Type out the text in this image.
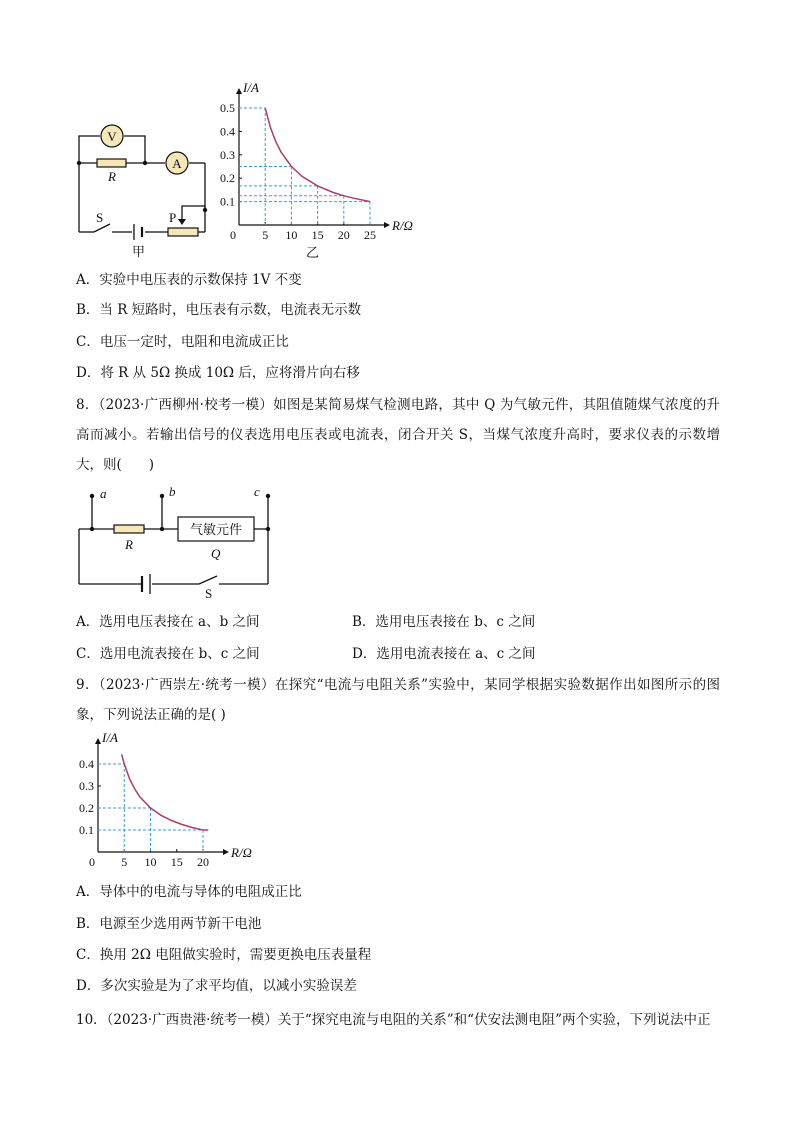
V
A
R
S	P
甲
0 5 10 15 20 25
0.1
0.2
0.3
0.4
0.5
I/A
R/Ω
乙
A．实验中电压表的示数保持 1V 不变
B．当 R 短路时，电压表有示数，电流表无示数
C．电压一定时，电阻和电流成正比
D．将 R 从 5Ω 换成 10Ω 后，应将滑片向右移
8．（2023·广西柳州·校考一模）如图是某简易煤气检测电路，其中 Q 为气敏元件，其阻值随煤气浓度的升高而减小。若输出信号的仪表选用电压表或电流表，闭合开关 S，当煤气浓度升高时，要求仪表的示数增大，则(　　)
气敏元件
a	b	c
R
Q
S
A．选用电压表接在 a、b 之间	B．选用电压表接在 b、c 之间
C．选用电流表接在 b、c 之间	D．选用电流表接在 a、c 之间
9．（2023·广西崇左·统考一模）在探究“电流与电阻关系”实验中，某同学根据实验数据作出如图所示的图象，下列说法正确的是( )
0 5 10 15 20
0.1
0.2
0.3
0.4
I/A
R/Ω
A．导体中的电流与导体的电阻成正比
B．电源至少选用两节新干电池
C．换用 2Ω 电阻做实验时，需要更换电压表量程
D．多次实验是为了求平均值，以减小实验误差
10．（2023·广西贵港·统考一模）关于“探究电流与电阻的关系”和“伏安法测电阻”两个实验，下列说法中正
